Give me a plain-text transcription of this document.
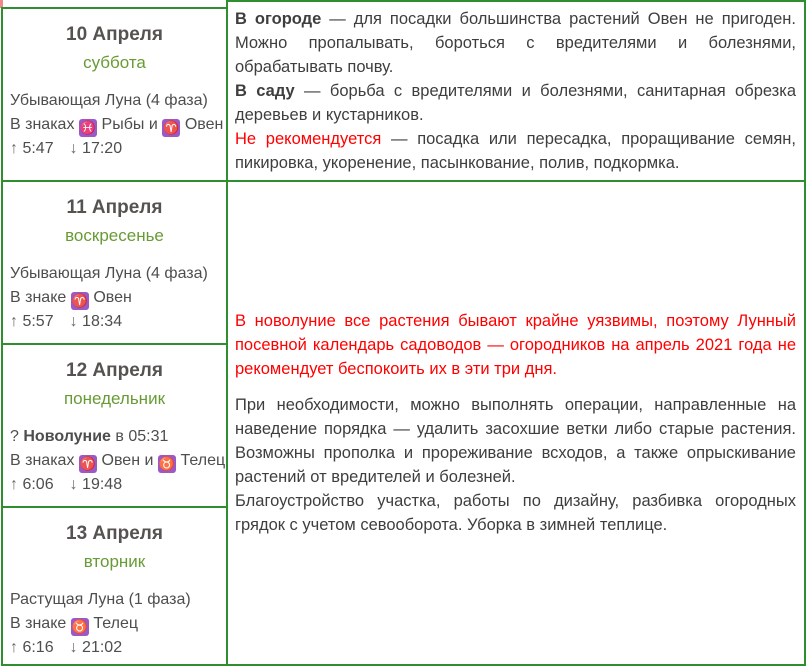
10 Апреля
суббота
Убывающая Луна (4 фаза)
В знаках ♓ Рыбы и ♈ Овен
↑ 5:47 ↓ 17:20
11 Апреля
воскресенье
Убывающая Луна (4 фаза)
В знаке ♈ Овен
↑ 5:57 ↓ 18:34
12 Апреля
понедельник
? Новолуние в 05:31
В знаках ♈ Овен и ♉ Телец
↑ 6:06 ↓ 19:48
13 Апреля
вторник
Растущая Луна (1 фаза)
В знаке ♉ Телец
↑ 6:16 ↓ 21:02

В огороде — для посадки большинства растений Овен не пригоден. Можно пропалывать, бороться с вредителями и болезнями, обрабатывать почву.

В саду — борьба с вредителями и болезнями, санитарная обрезка деревьев и кустарников.

Не рекомендуется — посадка или пересадка, проращивание семян, пикировка, укоренение, пасынкование, полив, подкормка.

В новолуние все растения бывают крайне уязвимы, поэтому Лунный посевной календарь садоводов — огородников на апрель 2021 года не рекомендует беспокоить их в эти три дня.

При необходимости, можно выполнять операции, направленные на наведение порядка — удалить засохшие ветки либо старые растения. Возможны прополка и прореживание всходов, а также опрыскивание растений от вредителей и болезней.

Благоустройство участка, работы по дизайну, разбивка огородных грядок с учетом севооборота. Уборка в зимней теплице.
